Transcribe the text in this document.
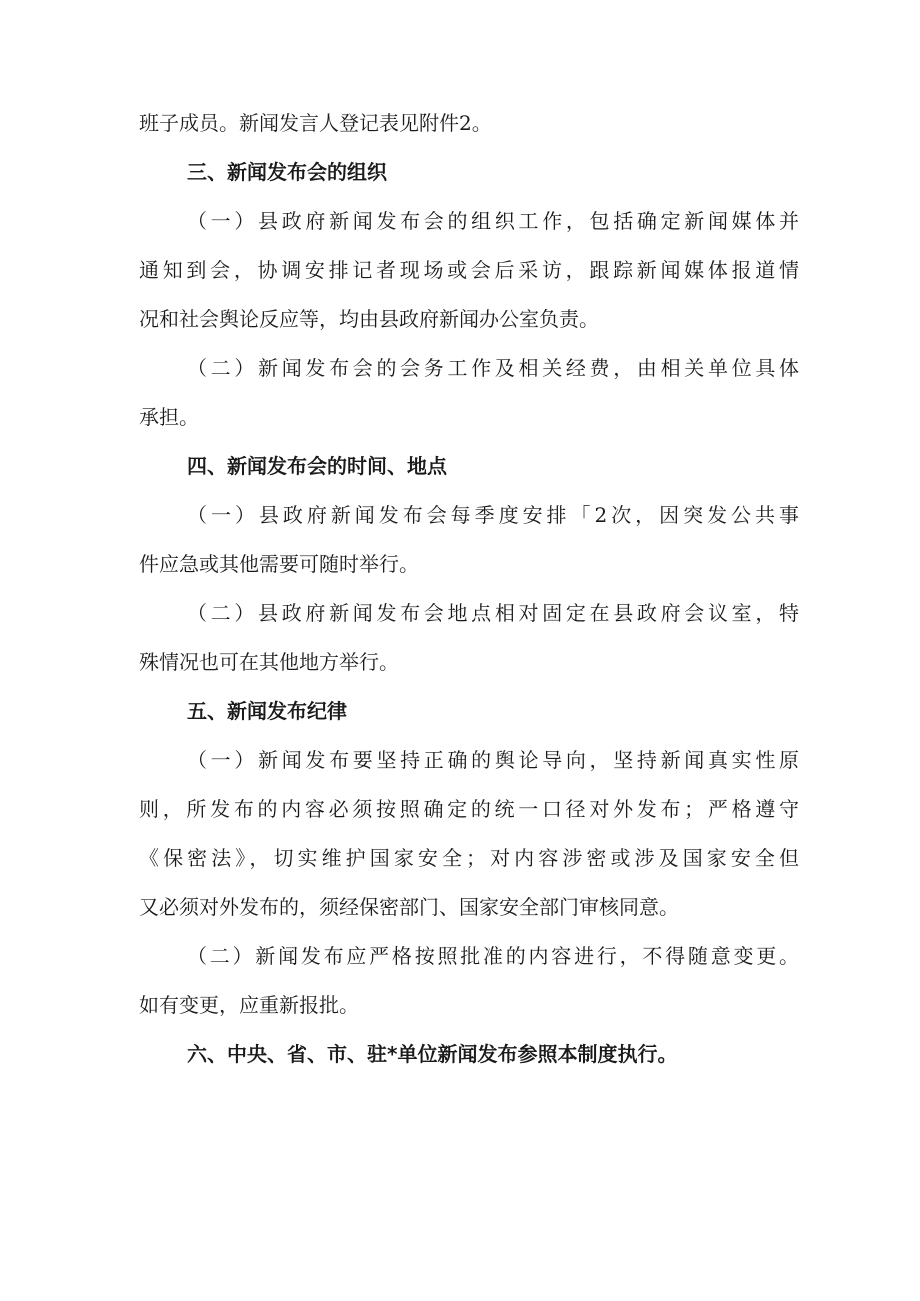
班子成员。新闻发言人登记表见附件2。
三、新闻发布会的组织
（一）县政府新闻发布会的组织工作，包括确定新闻媒体并
通知到会，协调安排记者现场或会后采访，跟踪新闻媒体报道情
况和社会舆论反应等，均由县政府新闻办公室负责。
（二）新闻发布会的会务工作及相关经费，由相关单位具体
承担。
四、新闻发布会的时间、地点
（一）县政府新闻发布会每季度安排「2次，因突发公共事
件应急或其他需要可随时举行。
（二）县政府新闻发布会地点相对固定在县政府会议室，特
殊情况也可在其他地方举行。
五、新闻发布纪律
（一）新闻发布要坚持正确的舆论导向，坚持新闻真实性原
则，所发布的内容必须按照确定的统一口径对外发布；严格遵守
《保密法》，切实维护国家安全；对内容涉密或涉及国家安全但
又必须对外发布的，须经保密部门、国家安全部门审核同意。
（二）新闻发布应严格按照批准的内容进行，不得随意变更。
如有变更，应重新报批。
六、中央、省、市、驻*单位新闻发布参照本制度执行。
